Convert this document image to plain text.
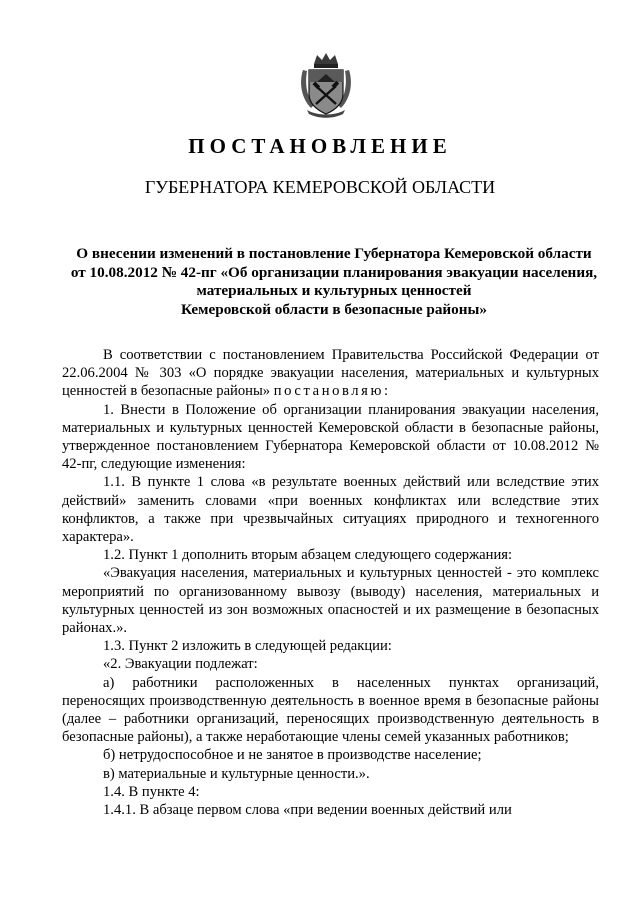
ПОСТАНОВЛЕНИЕ
ГУБЕРНАТОРА КЕМЕРОВСКОЙ ОБЛАСТИ
О внесении изменений в постановление Губернатора Кемеровской области
от 10.08.2012 № 42-пг «Об организации планирования эвакуации населения,
материальных и культурных ценностей
Кемеровской области в безопасные районы»

В соответствии с постановлением Правительства Российской Федерации от 22.06.2004 № 303 «О порядке эвакуации населения, материальных и культурных ценностей в безопасные районы» постановляю:

1. Внести в Положение об организации планирования эвакуации населения, материальных и культурных ценностей Кемеровской области в безопасные районы, утвержденное постановлением Губернатора Кемеровской области от 10.08.2012 № 42-пг, следующие изменения:

1.1. В пункте 1 слова «в результате военных действий или вследствие этих действий» заменить словами «при военных конфликтах или вследствие этих конфликтов, а также при чрезвычайных ситуациях природного и техногенного характера».

1.2. Пункт 1 дополнить вторым абзацем следующего содержания:

«Эвакуация населения, материальных и культурных ценностей - это комплекс мероприятий по организованному вывозу (выводу) населения, материальных и культурных ценностей из зон возможных опасностей и их размещение в безопасных районах.».

1.3. Пункт 2 изложить в следующей редакции:

«2. Эвакуации подлежат:

а) работники расположенных в населенных пунктах организаций, переносящих производственную деятельность в военное время в безопасные районы (далее – работники организаций, переносящих производственную деятельность в безопасные районы), а также неработающие члены семей указанных работников;

б) нетрудоспособное и не занятое в производстве население;

в) материальные и культурные ценности.».

1.4. В пункте 4:

1.4.1. В абзаце первом слова «при ведении военных действий или
